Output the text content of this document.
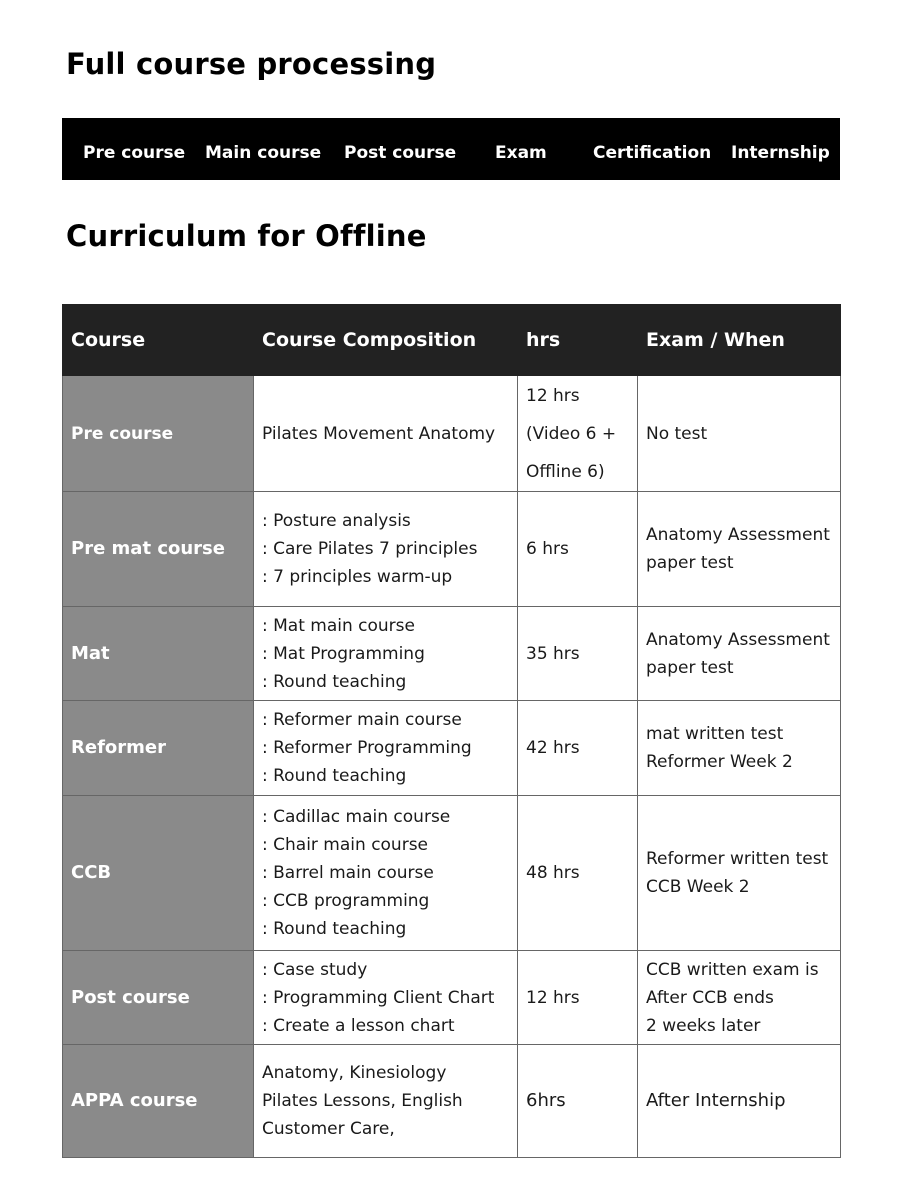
Full course processing
Pre course Main course Post course Exam	Certification Internship
Curriculum for Offline
Course	Course Composition	hrs	Exam / When
Pre course	Pilates Movement Anatomy	12 hrs
(Video 6 +
Offline 6)	No test

Pre mat course	: Posture analysis
: Care Pilates 7 principles
: 7 principles warm-up	6 hrs	Anatomy Assessment
paper test

Mat	: Mat main course
: Mat Programming
: Round teaching	35 hrs	Anatomy Assessment
paper test

Reformer	: Reformer main course
: Reformer Programming
: Round teaching	42 hrs	mat written test
Reformer Week 2

CCB	: Cadillac main course
: Chair main course
: Barrel main course
: CCB programming
: Round teaching	48 hrs	Reformer written test
CCB Week 2

Post course	: Case study
: Programming Client Chart
: Create a lesson chart	12 hrs	CCB written exam is
After CCB ends
2 weeks later

APPA course	Anatomy, Kinesiology
Pilates Lessons, English
Customer Care,	6hrs	After Internship
